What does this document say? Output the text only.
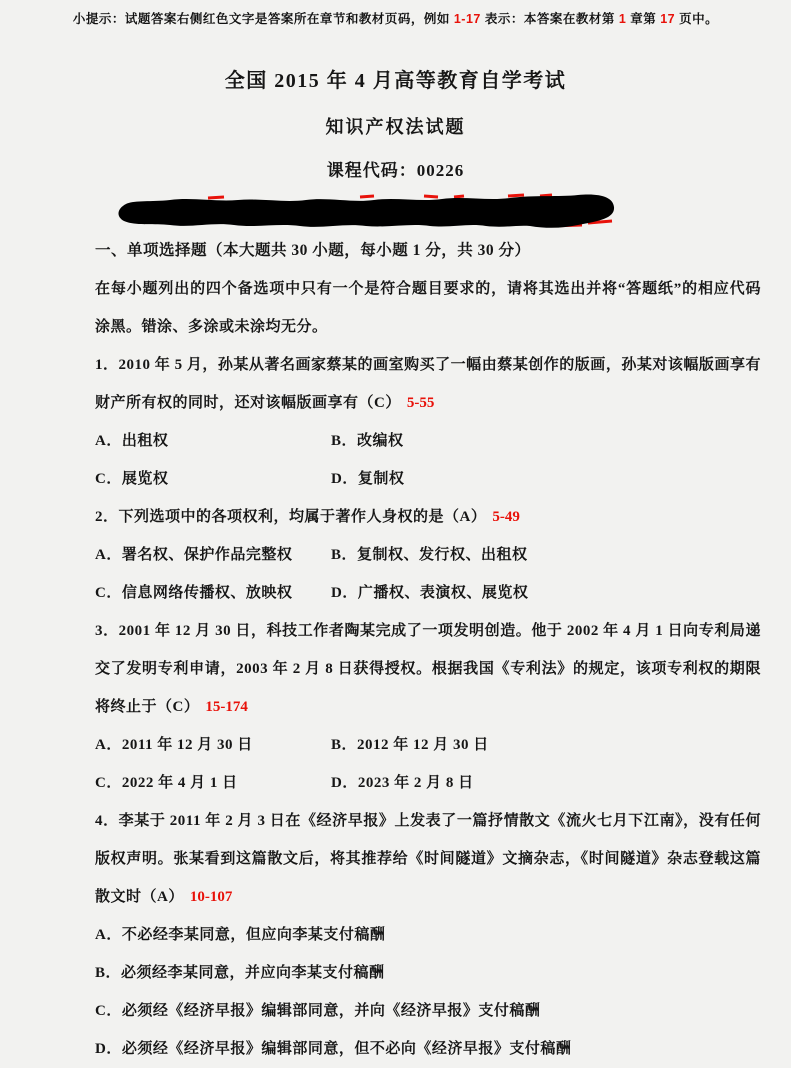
小提示：试题答案右侧红色文字是答案所在章节和教材页码，例如 1-17 表示：本答案在教材第 1 章第 17 页中。
全国 2015 年 4 月高等教育自学考试
知识产权法试题
课程代码：00226

一、单项选择题（本大题共 30 小题，每小题 1 分，共 30 分）

在每小题列出的四个备选项中只有一个是符合题目要求的，请将其选出并将“答题纸”的相应代码涂黑。错涂、多涂或未涂均无分。

1．2010 年 5 月，孙某从著名画家蔡某的画室购买了一幅由蔡某创作的版画，孙某对该幅版画享有财产所有权的同时，还对该幅版画享有（C） 5-55

A．出租权	B．改编权
C．展览权	D．复制权

2．下列选项中的各项权利，均属于著作人身权的是（A） 5-49

A．署名权、保护作品完整权	B．复制权、发行权、出租权
C．信息网络传播权、放映权	D．广播权、表演权、展览权

3．2001 年 12 月 30 日，科技工作者陶某完成了一项发明创造。他于 2002 年 4 月 1 日向专利局递交了发明专利申请，2003 年 2 月 8 日获得授权。根据我国《专利法》的规定，该项专利权的期限将终止于（C） 15-174

A．2011 年 12 月 30 日	B．2012 年 12 月 30 日
C．2022 年 4 月 1 日	D．2023 年 2 月 8 日

4．李某于 2011 年 2 月 3 日在《经济早报》上发表了一篇抒情散文《流火七月下江南》，没有任何版权声明。张某看到这篇散文后，将其推荐给《时间隧道》文摘杂志，《时间隧道》杂志登载这篇散文时（A） 10-107

A．不必经李某同意，但应向李某支付稿酬
B．必须经李某同意，并应向李某支付稿酬
C．必须经《经济早报》编辑部同意，并向《经济早报》支付稿酬
D．必须经《经济早报》编辑部同意，但不必向《经济早报》支付稿酬
